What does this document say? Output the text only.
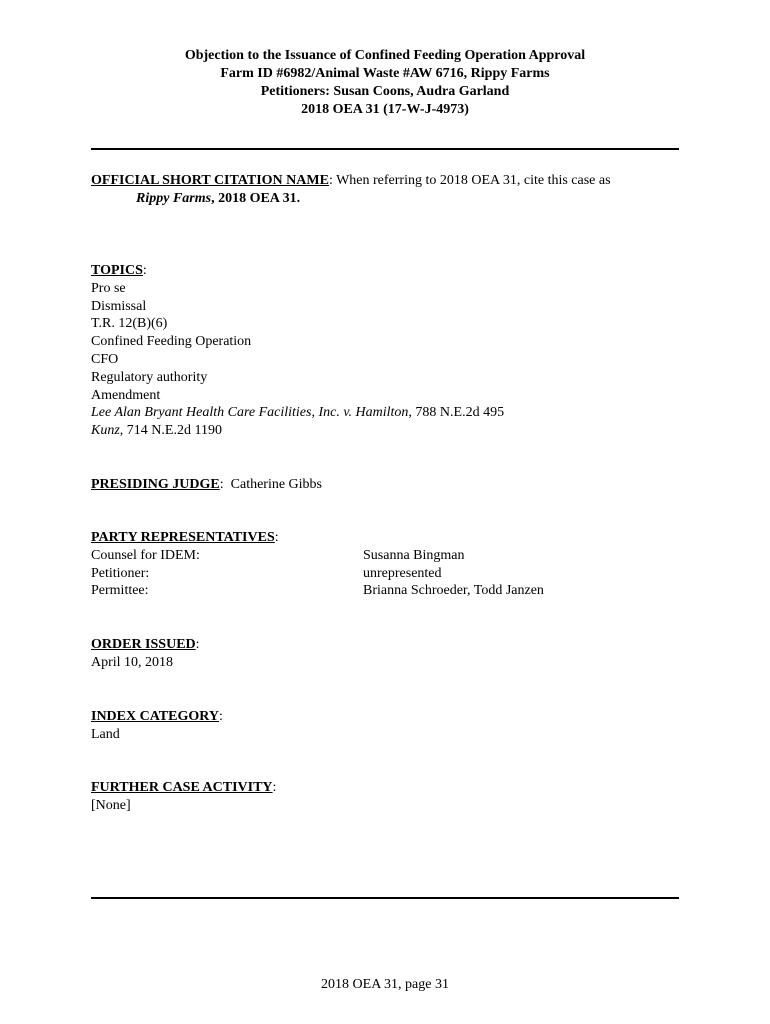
Objection to the Issuance of Confined Feeding Operation Approval
Farm ID #6982/Animal Waste #AW 6716, Rippy Farms
Petitioners: Susan Coons, Audra Garland
2018 OEA 31 (17-W-J-4973)
OFFICIAL SHORT CITATION NAME: When referring to 2018 OEA 31, cite this case as
Rippy Farms, 2018 OEA 31.
TOPICS:
Pro se
Dismissal
T.R. 12(B)(6)
Confined Feeding Operation
CFO
Regulatory authority
Amendment
Lee Alan Bryant Health Care Facilities, Inc. v. Hamilton, 788 N.E.2d 495
Kunz, 714 N.E.2d 1190
PRESIDING JUDGE:  Catherine Gibbs
PARTY REPRESENTATIVES:
Counsel for IDEM:	Susanna Bingman
Petitioner:	unrepresented
Permittee:	Brianna Schroeder, Todd Janzen
ORDER ISSUED:
April 10, 2018
INDEX CATEGORY:
Land
FURTHER CASE ACTIVITY:
[None]
2018 OEA 31, page 31
